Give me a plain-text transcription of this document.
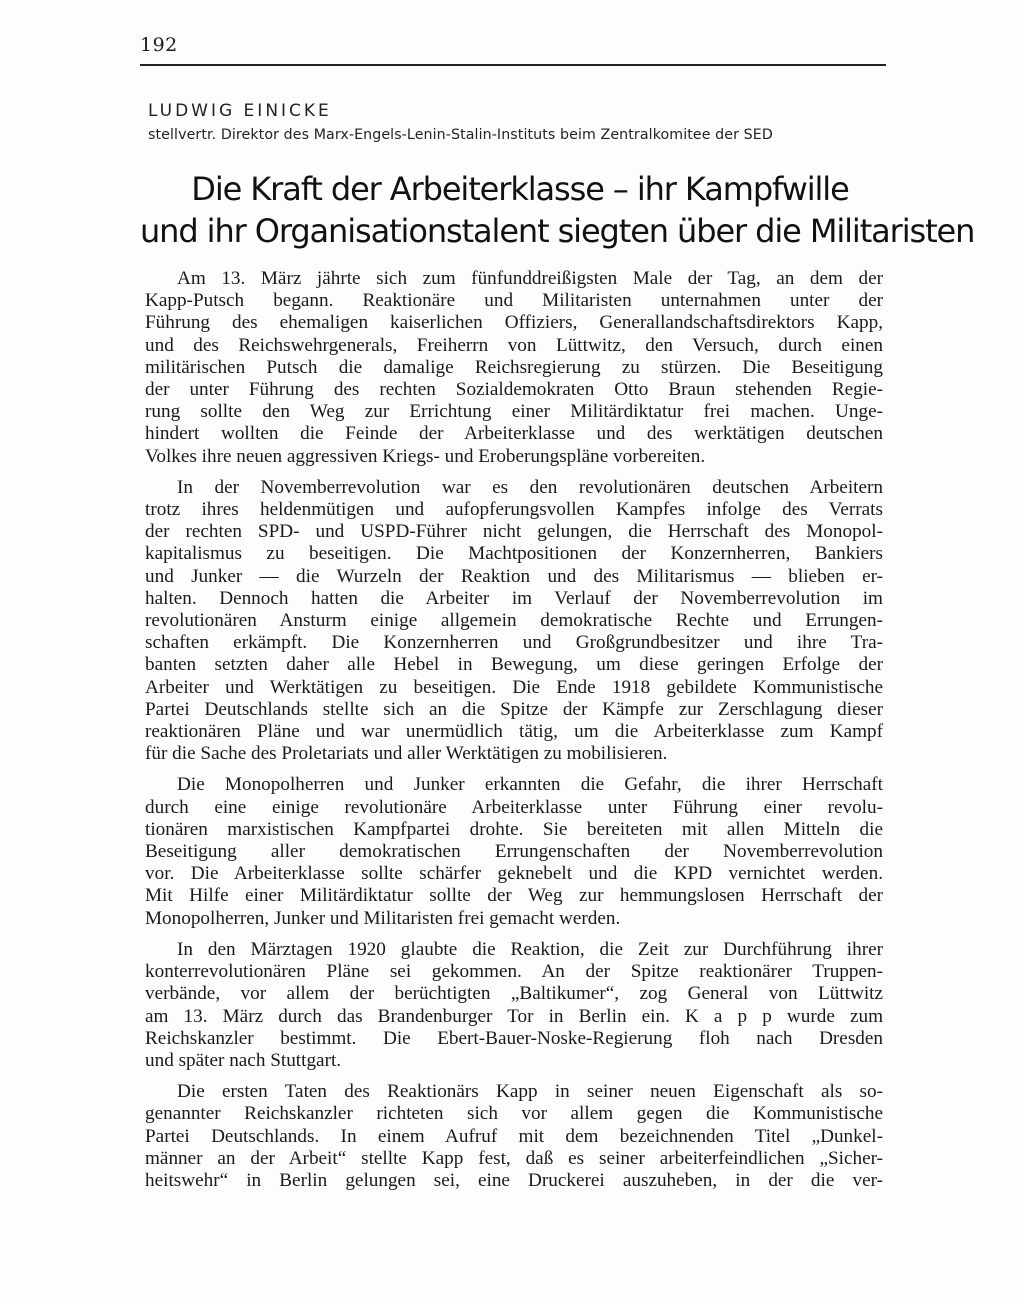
192
LUDWIG EINICKE
stellvertr. Direktor des Marx-Engels-Lenin-Stalin-Instituts beim Zentralkomitee der SED
Die Kraft der Arbeiterklasse – ihr Kampfwille
und ihr Organisationstalent siegten über die Militaristen

Am 13. März jährte sich zum fünfunddreißigsten Male der Tag, an dem der
Kapp-Putsch begann. Reaktionäre und Militaristen unternahmen unter der
Führung des ehemaligen kaiserlichen Offiziers, Generallandschaftsdirektors Kapp,
und des Reichswehrgenerals, Freiherrn von Lüttwitz, den Versuch, durch einen
militärischen Putsch die damalige Reichsregierung zu stürzen. Die Beseitigung
der unter Führung des rechten Sozialdemokraten Otto Braun stehenden Regie-
rung sollte den Weg zur Errichtung einer Militärdiktatur frei machen. Unge-
hindert wollten die Feinde der Arbeiterklasse und des werktätigen deutschen
Volkes ihre neuen aggressiven Kriegs- und Eroberungspläne vorbereiten.

In der Novemberrevolution war es den revolutionären deutschen Arbeitern
trotz ihres heldenmütigen und aufopferungsvollen Kampfes infolge des Verrats
der rechten SPD- und USPD-Führer nicht gelungen, die Herrschaft des Monopol-
kapitalismus zu beseitigen. Die Machtpositionen der Konzernherren, Bankiers
und Junker — die Wurzeln der Reaktion und des Militarismus — blieben er-
halten. Dennoch hatten die Arbeiter im Verlauf der Novemberrevolution im
revolutionären Ansturm einige allgemein demokratische Rechte und Errungen-
schaften erkämpft. Die Konzernherren und Großgrundbesitzer und ihre Tra-
banten setzten daher alle Hebel in Bewegung, um diese geringen Erfolge der
Arbeiter und Werktätigen zu beseitigen. Die Ende 1918 gebildete Kommunistische
Partei Deutschlands stellte sich an die Spitze der Kämpfe zur Zerschlagung dieser
reaktionären Pläne und war unermüdlich tätig, um die Arbeiterklasse zum Kampf
für die Sache des Proletariats und aller Werktätigen zu mobilisieren.

Die Monopolherren und Junker erkannten die Gefahr, die ihrer Herrschaft
durch eine einige revolutionäre Arbeiterklasse unter Führung einer revolu-
tionären marxistischen Kampfpartei drohte. Sie bereiteten mit allen Mitteln die
Beseitigung aller demokratischen Errungenschaften der Novemberrevolution
vor. Die Arbeiterklasse sollte schärfer geknebelt und die KPD vernichtet werden.
Mit Hilfe einer Militärdiktatur sollte der Weg zur hemmungslosen Herrschaft der
Monopolherren, Junker und Militaristen frei gemacht werden.

In den Märztagen 1920 glaubte die Reaktion, die Zeit zur Durchführung ihrer
konterrevolutionären Pläne sei gekommen. An der Spitze reaktionärer Truppen-
verbände, vor allem der berüchtigten „Baltikumer“, zog General von Lüttwitz
am 13. März durch das Brandenburger Tor in Berlin ein. K a p p wurde zum
Reichskanzler bestimmt. Die Ebert-Bauer-Noske-Regierung floh nach Dresden
und später nach Stuttgart.

Die ersten Taten des Reaktionärs Kapp in seiner neuen Eigenschaft als so-
genannter Reichskanzler richteten sich vor allem gegen die Kommunistische
Partei Deutschlands. In einem Aufruf mit dem bezeichnenden Titel „Dunkel-
männer an der Arbeit“ stellte Kapp fest, daß es seiner arbeiterfeindlichen „Sicher-
heitswehr“ in Berlin gelungen sei, eine Druckerei auszuheben, in der die ver-
